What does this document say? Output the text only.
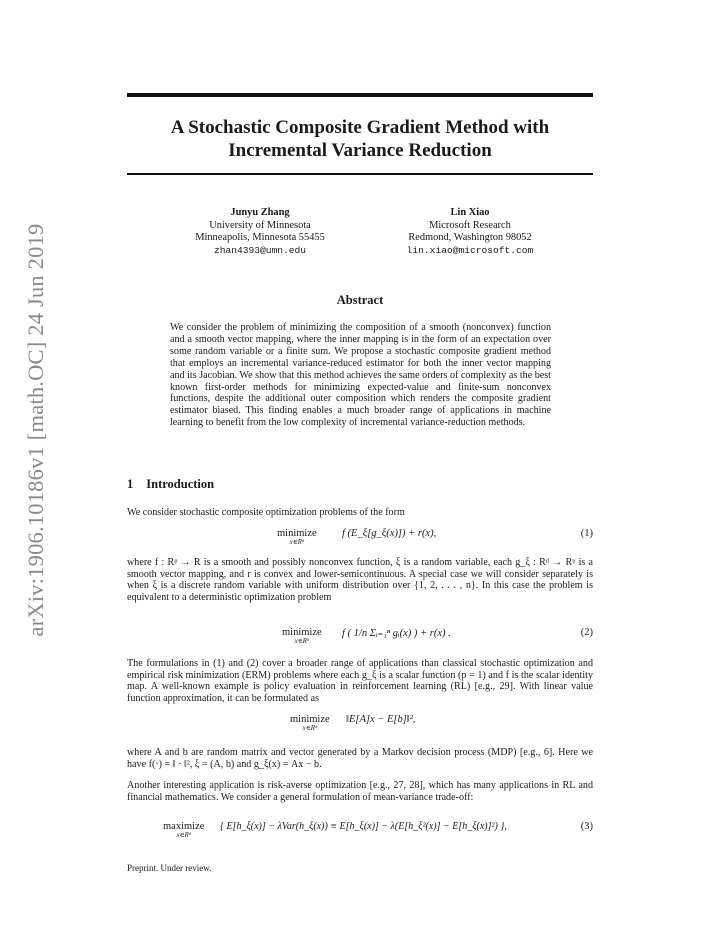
arXiv:1906.10186v1 [math.OC] 24 Jun 2019
A Stochastic Composite Gradient Method with Incremental Variance Reduction
Junyu Zhang
University of Minnesota
Minneapolis, Minnesota 55455
zhan4393@umn.edu
Lin Xiao
Microsoft Research
Redmond, Washington 98052
lin.xiao@microsoft.com
Abstract
We consider the problem of minimizing the composition of a smooth (nonconvex) function and a smooth vector mapping, where the inner mapping is in the form of an expectation over some random variable or a finite sum. We propose a stochastic composite gradient method that employs an incremental variance-reduced estimator for both the inner vector mapping and its Jacobian. We show that this method achieves the same orders of complexity as the best known first-order methods for minimizing expected-value and finite-sum nonconvex functions, despite the additional outer composition which renders the composite gradient estimator biased. This finding enables a much broader range of applications in machine learning to benefit from the low complexity of incremental variance-reduction methods.
1 Introduction
We consider stochastic composite optimization problems of the form
minimize
x∈Rᵈ
f (E_ξ[g_ξ(x)]) + r(x),	(1)
where f : Rᵖ → R is a smooth and possibly nonconvex function, ξ is a random variable, each g_ξ : Rᵈ → Rᵖ is a smooth vector mapping, and r is convex and lower-semicontinuous. A special case we will consider separately is when ξ is a discrete random variable with uniform distribution over {1, 2, . . . , n}. In this case the problem is equivalent to a deterministic optimization problem
minimize
x∈Rᵈ
f ( 1/n Σᵢ₌₁ⁿ gᵢ(x) ) + r(x) .	(2)
The formulations in (1) and (2) cover a broader range of applications than classical stochastic optimization and empirical risk minimization (ERM) problems where each g_ξ is a scalar function (p = 1) and f is the scalar identity map. A well-known example is policy evaluation in reinforcement learning (RL) [e.g., 29]. With linear value function approximation, it can be formulated as
minimize
x∈Rᵈ
‖E[A]x − E[b]‖²,
where A and b are random matrix and vector generated by a Markov decision process (MDP) [e.g., 6]. Here we have f(·) = ‖ · ‖², ξ = (A, b) and g_ξ(x) = Ax − b.
Another interesting application is risk-averse optimization [e.g., 27, 28], which has many applications in RL and financial mathematics. We consider a general formulation of mean-variance trade-off:
maximize
x∈Rᵈ
{ E[h_ξ(x)] − λVar(h_ξ(x)) ≡ E[h_ξ(x)] − λ(E[h_ξ²(x)] − E[h_ξ(x)]²) },	(3)
Preprint. Under review.
